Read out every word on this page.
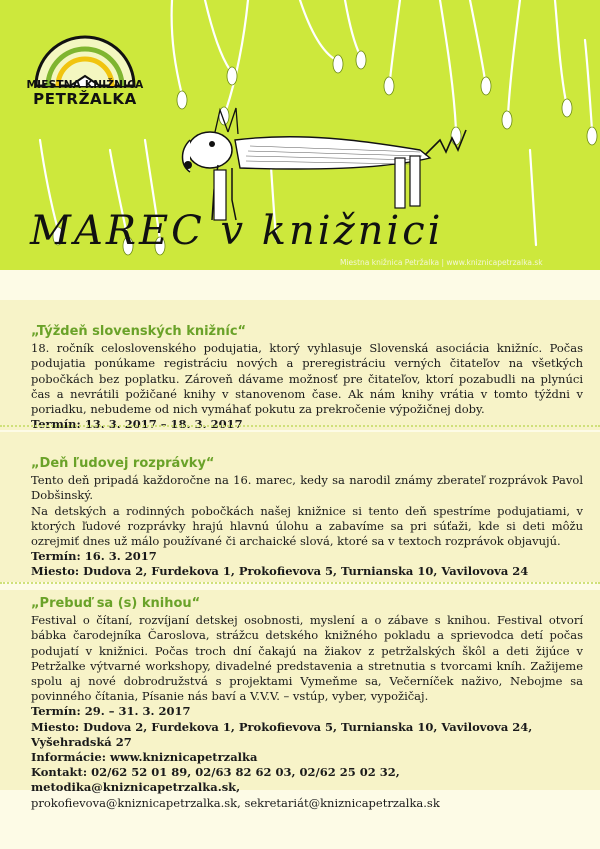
MIESTNA KNIŽNICA
PETRŽALKA
MAREC v knižnici
Miestna knižnica Petržalka | www.kniznicapetrzalka.sk
„Týždeň slovenských knižníc“

18. ročník celoslovenského podujatia, ktorý vyhlasuje Slovenská asociácia knižníc. Počas podujatia ponúkame registráciu nových a preregistráciu verných čitateľov na všetkých pobočkách bez poplatku. Zároveň dávame možnosť pre čitateľov, ktorí pozabudli na plynúci čas a nevrátili požičané knihy v stanovenom čase. Ak nám knihy vrátia v tomto týždni v poriadku, nebudeme od nich vymáhať pokutu za prekročenie výpožičnej doby.

Termín: 13. 3. 2017 – 18. 3. 2017
„Deň ľudovej rozprávky“

Tento deň pripadá každoročne na 16. marec, kedy sa narodil známy zberateľ rozprávok Pavol Dobšinský.

Na detských a rodinných pobočkách našej knižnice si tento deň spestríme podujatiami, v ktorých ľudové rozprávky hrajú hlavnú úlohu a zabavíme sa pri súťaži, kde si deti môžu ozrejmiť dnes už málo používané či archaické slová, ktoré sa v textoch rozprávok objavujú.

Termín: 16. 3. 2017
Miesto: Dudova 2, Furdekova 1, Prokofievova 5, Turnianska 10, Vavilovova 24
„Prebuď sa (s) knihou“

Festival o čítaní, rozvíjaní detskej osobnosti, myslení a o zábave s knihou. Festival otvorí bábka čarodejníka Čaroslova, strážcu detského knižného pokladu a sprievodca detí počas podujatí v knižnici. Počas troch dní čakajú na žiakov z petržalských škôl a deti žijúce v Petržalke výtvarné workshopy, divadelné predstavenia a stretnutia s tvorcami kníh. Zažijeme spolu aj nové dobrodružstvá s projektami Vymeňme sa, Večerníček naživo, Nebojme sa povinného čítania, Písanie nás baví a V.V.V. – vstúp, vyber, vypožičaj.

Termín: 29. – 31. 3. 2017
Miesto: Dudova 2, Furdekova 1, Prokofievova 5, Turnianska 10, Vavilovova 24, Vyšehradská 27
Informácie: www.kniznicapetrzalka
Kontakt: 02/62 52 01 89, 02/63 82 62 03, 02/62 25 02 32, metodika@kniznicapetrzalka.sk,
prokofievova@kniznicapetrzalka.sk, sekretariát@kniznicapetrzalka.sk
